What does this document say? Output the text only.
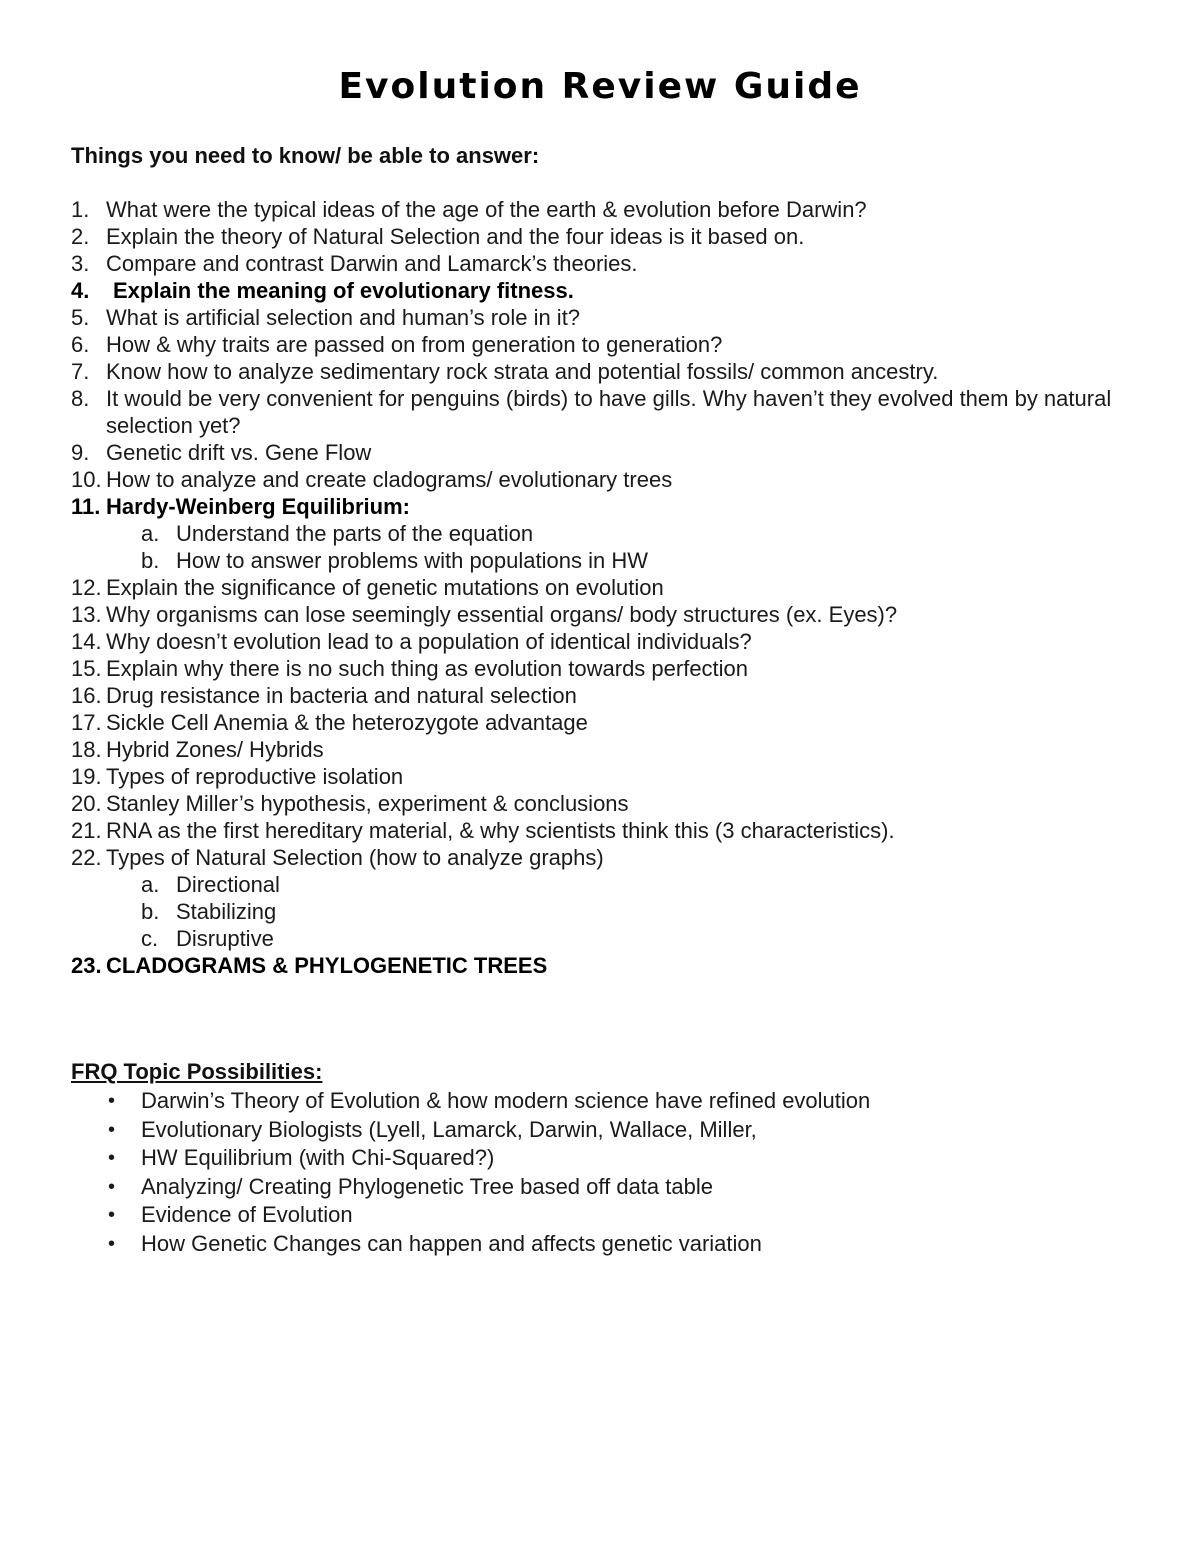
Evolution Review Guide

Things you need to know/ be able to answer:

1. What were the typical ideas of the age of the earth & evolution before Darwin?
2. Explain the theory of Natural Selection and the four ideas is it based on.
3. Compare and contrast Darwin and Lamarck’s theories.
4. Explain the meaning of evolutionary fitness.
5. What is artificial selection and human’s role in it?
6. How & why traits are passed on from generation to generation?
7. Know how to analyze sedimentary rock strata and potential fossils/ common ancestry.
8. It would be very convenient for penguins (birds) to have gills. Why haven’t they evolved them by natural selection yet?
9. Genetic drift vs. Gene Flow
10. How to analyze and create cladograms/ evolutionary trees
11. Hardy-Weinberg Equilibrium:
a. Understand the parts of the equation
b. How to answer problems with populations in HW
12. Explain the significance of genetic mutations on evolution
13. Why organisms can lose seemingly essential organs/ body structures (ex. Eyes)?
14. Why doesn’t evolution lead to a population of identical individuals?
15. Explain why there is no such thing as evolution towards perfection
16. Drug resistance in bacteria and natural selection
17. Sickle Cell Anemia & the heterozygote advantage
18. Hybrid Zones/ Hybrids
19. Types of reproductive isolation
20. Stanley Miller’s hypothesis, experiment & conclusions
21. RNA as the first hereditary material, & why scientists think this (3 characteristics).
22. Types of Natural Selection (how to analyze graphs)
a. Directional
b. Stabilizing
c. Disruptive
23. CLADOGRAMS & PHYLOGENETIC TREES

FRQ Topic Possibilities:

• Darwin’s Theory of Evolution & how modern science have refined evolution
• Evolutionary Biologists (Lyell, Lamarck, Darwin, Wallace, Miller,
• HW Equilibrium (with Chi-Squared?)
• Analyzing/ Creating Phylogenetic Tree based off data table
• Evidence of Evolution
• How Genetic Changes can happen and affects genetic variation
